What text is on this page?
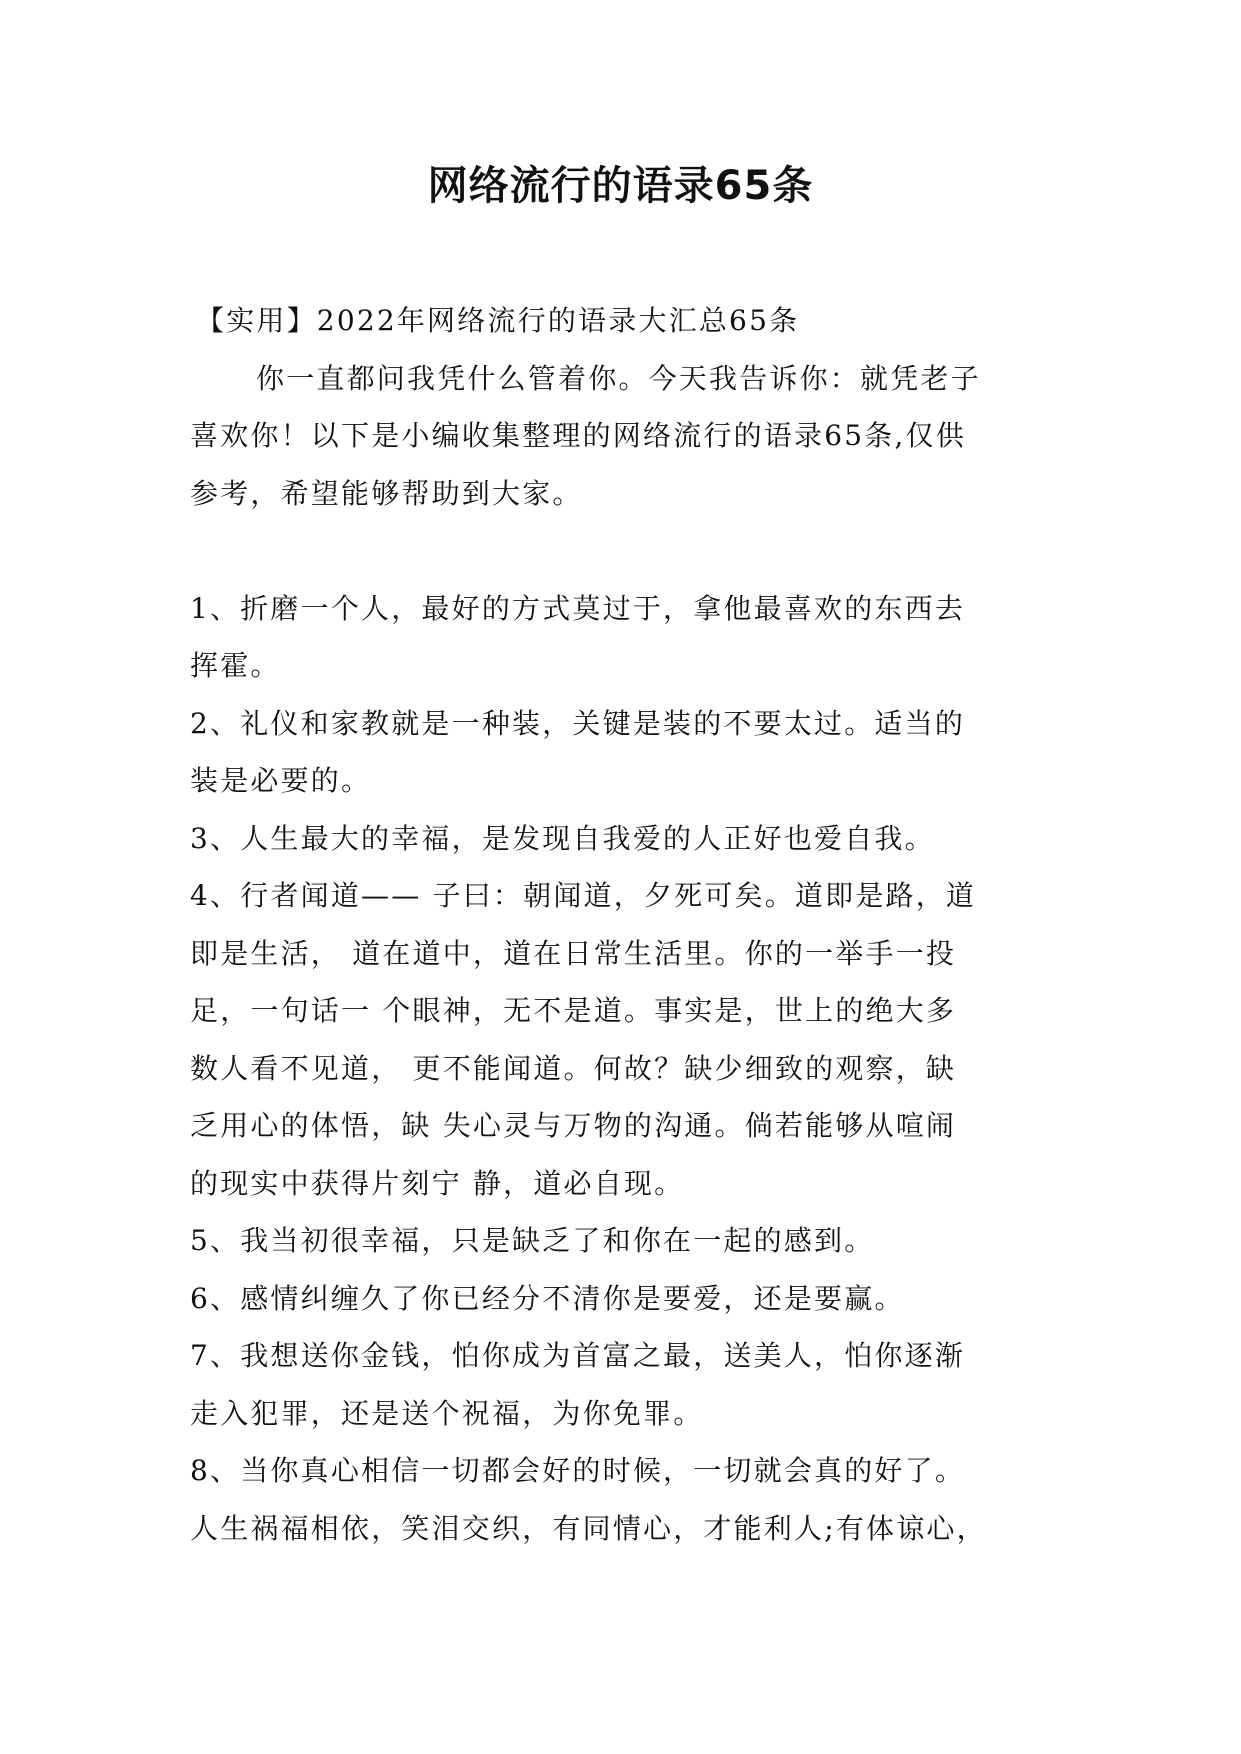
网络流行的语录65条
【实用】2022年网络流行的语录大汇总65条
你一直都问我凭什么管着你。今天我告诉你：就凭老子
喜欢你！以下是小编收集整理的网络流行的语录65条,仅供
参考，希望能够帮助到大家。
1、折磨一个人，最好的方式莫过于，拿他最喜欢的东西去
挥霍。
2、礼仪和家教就是一种装，关键是装的不要太过。适当的
装是必要的。
3、人生最大的幸福，是发现自我爱的人正好也爱自我。
4、行者闻道—— 子曰：朝闻道，夕死可矣。道即是路，道
即是生活， 道在道中，道在日常生活里。你的一举手一投
足，一句话一 个眼神，无不是道。事实是，世上的绝大多
数人看不见道， 更不能闻道。何故？缺少细致的观察，缺
乏用心的体悟，缺 失心灵与万物的沟通。倘若能够从喧闹
的现实中获得片刻宁 静，道必自现。
5、我当初很幸福，只是缺乏了和你在一起的感到。
6、感情纠缠久了你已经分不清你是要爱，还是要赢。
7、我想送你金钱，怕你成为首富之最，送美人，怕你逐渐
走入犯罪，还是送个祝福，为你免罪。
8、当你真心相信一切都会好的时候，一切就会真的好了。
人生祸福相依，笑泪交织，有同情心，才能利人;有体谅心，
